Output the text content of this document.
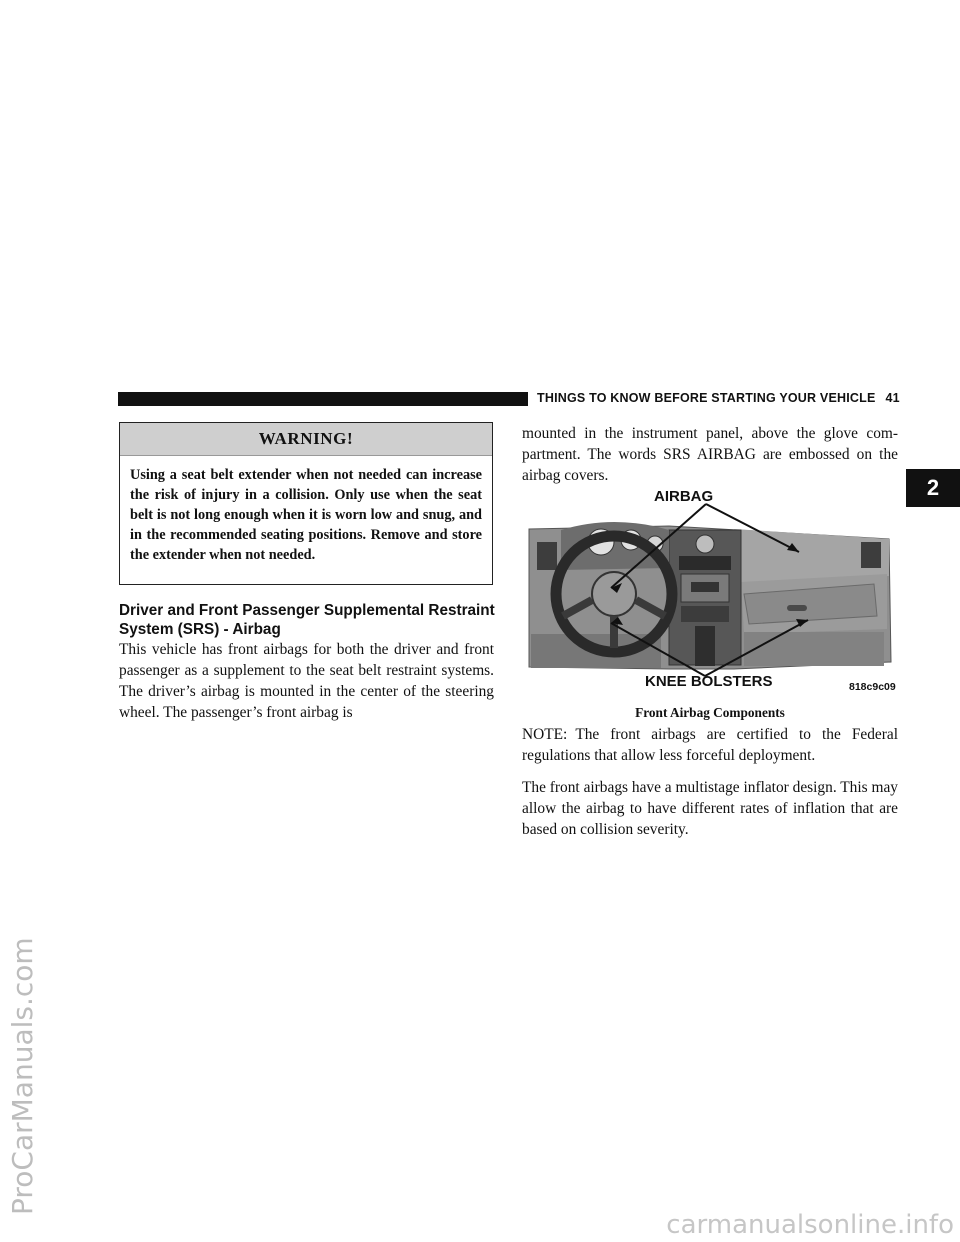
ProCarManuals.com
THINGS TO KNOW BEFORE STARTING YOUR VEHICLE 41
2
WARNING!
Using a seat belt extender when not needed can increase the risk of injury in a collision. Only use when the seat belt is not long enough when it is worn low and snug, and in the recommended seating positions. Remove and store the extender when not needed.
Driver and Front Passenger Supplemental Restraint System (SRS) - Airbag
This vehicle has front airbags for both the driver and front passenger as a supplement to the seat belt restraint systems. The driver’s airbag is mounted in the center of the steering wheel. The passenger’s front airbag is
mounted in the instrument panel, above the glove com-partment. The words SRS AIRBAG are embossed on the airbag covers.
AIRBAG
KNEE BOLSTERS	818c9c09
Front Airbag Components
NOTE: The front airbags are certified to the Federal regulations that allow less forceful deployment.
The front airbags have a multistage inflator design. This may allow the airbag to have different rates of inflation that are based on collision severity.
carmanualsonline.info
